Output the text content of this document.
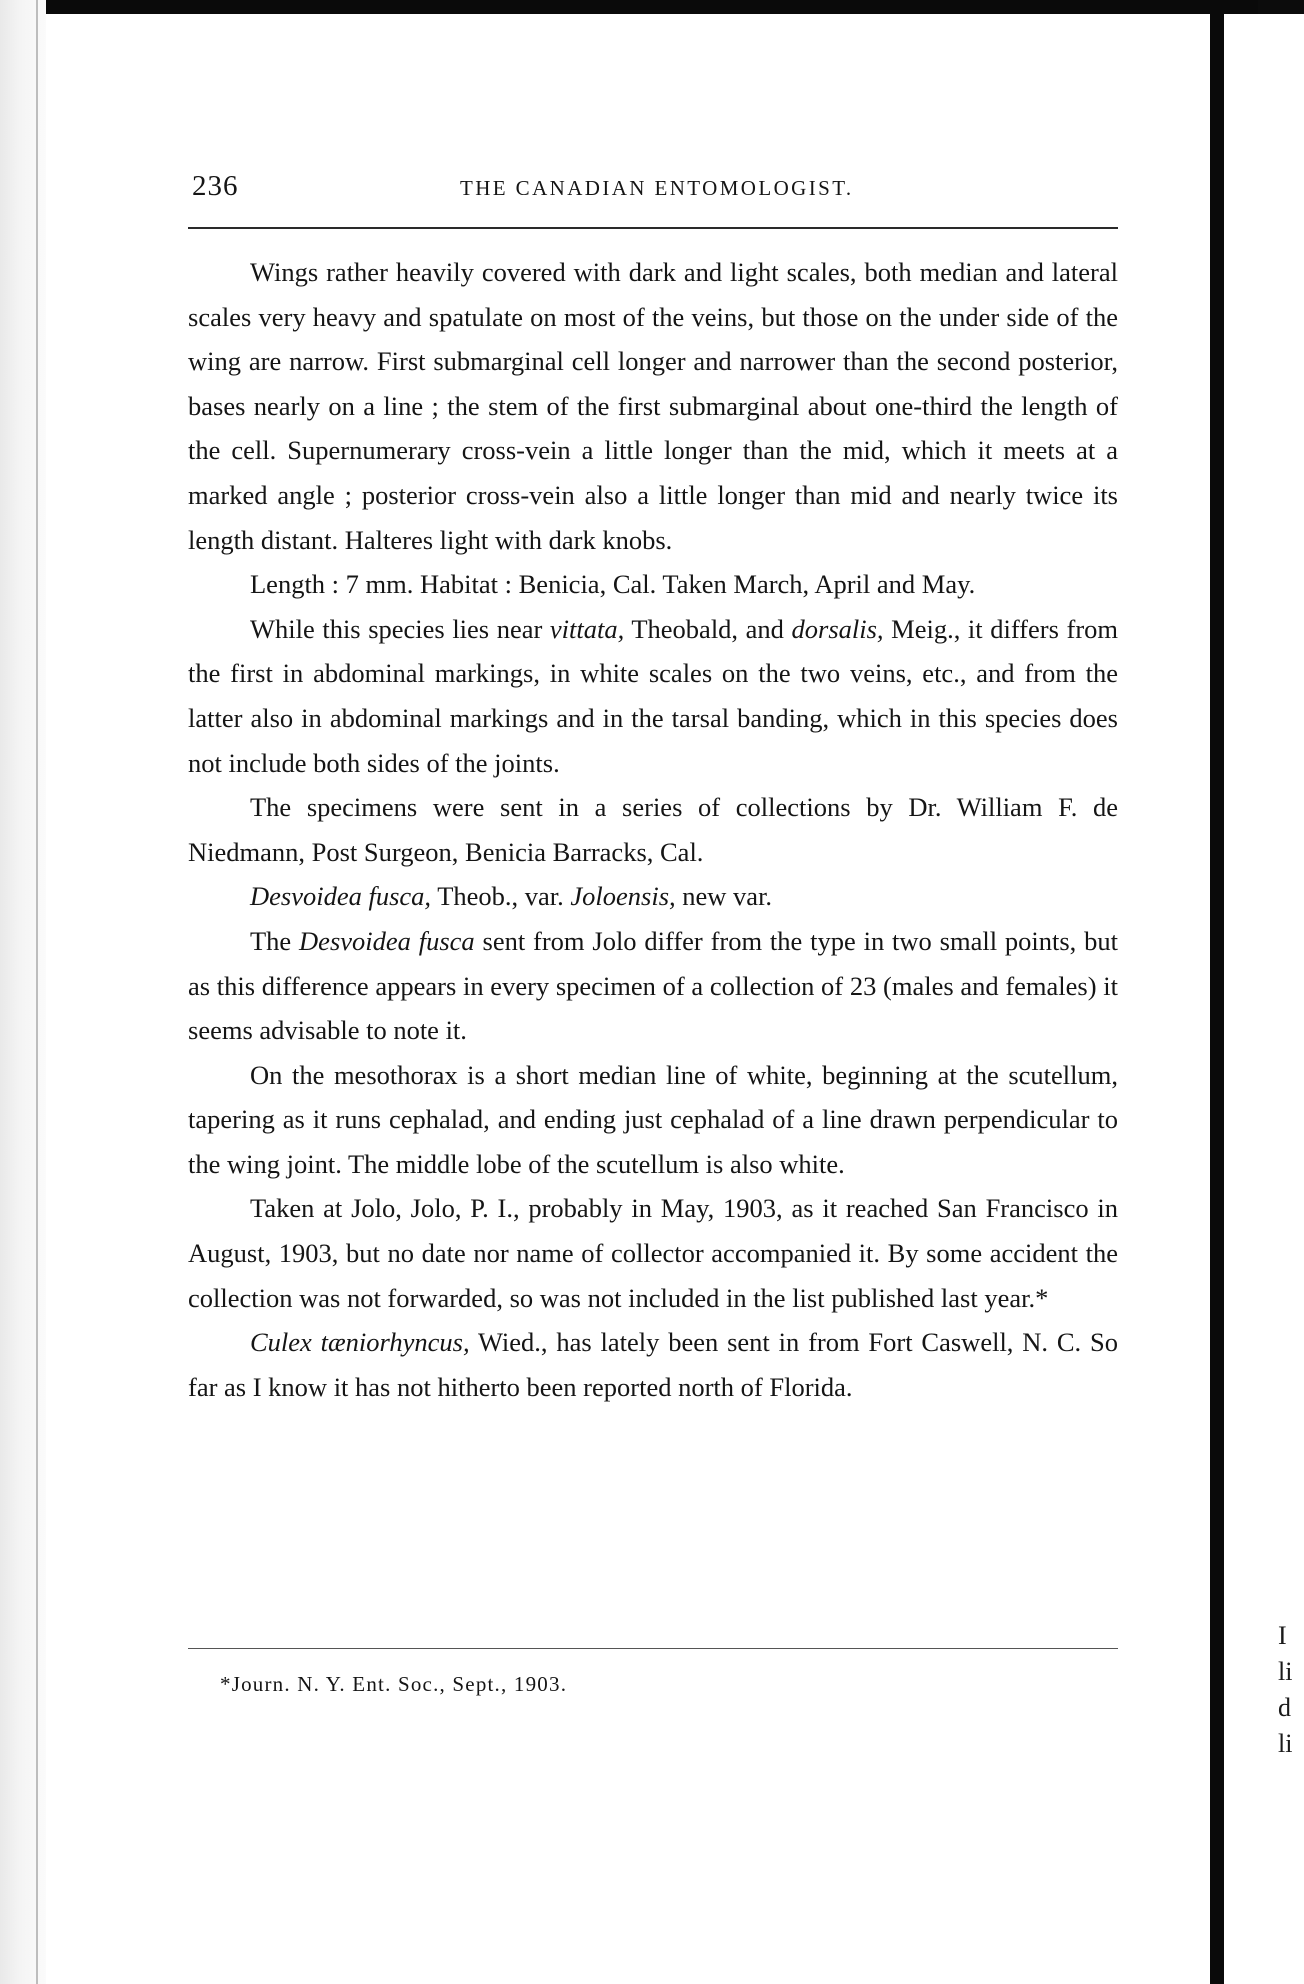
I
li
d
li
236	THE CANADIAN ENTOMOLOGIST.

Wings rather heavily covered with dark and light scales, both median and lateral scales very heavy and spatulate on most of the veins, but those on the under side of the wing are narrow. First submarginal cell longer and narrower than the second posterior, bases nearly on a line ; the stem of the first submarginal about one-third the length of the cell. Supernumerary cross-vein a little longer than the mid, which it meets at a marked angle ; posterior cross-vein also a little longer than mid and nearly twice its length distant. Halteres light with dark knobs.

Length : 7 mm. Habitat : Benicia, Cal. Taken March, April and May.

While this species lies near vittata, Theobald, and dorsalis, Meig., it differs from the first in abdominal markings, in white scales on the two veins, etc., and from the latter also in abdominal markings and in the tarsal banding, which in this species does not include both sides of the joints.

The specimens were sent in a series of collections by Dr. William F. de Niedmann, Post Surgeon, Benicia Barracks, Cal.

Desvoidea fusca, Theob., var. Joloensis, new var.

The Desvoidea fusca sent from Jolo differ from the type in two small points, but as this difference appears in every specimen of a collection of 23 (males and females) it seems advisable to note it.

On the mesothorax is a short median line of white, beginning at the scutellum, tapering as it runs cephalad, and ending just cephalad of a line drawn perpendicular to the wing joint. The middle lobe of the scutellum is also white.

Taken at Jolo, Jolo, P. I., probably in May, 1903, as it reached San Francisco in August, 1903, but no date nor name of collector accompanied it. By some accident the collection was not forwarded, so was not included in the list published last year.*

Culex tæniorhyncus, Wied., has lately been sent in from Fort Caswell, N. C. So far as I know it has not hitherto been reported north of Florida.

*Journ. N. Y. Ent. Soc., Sept., 1903.
